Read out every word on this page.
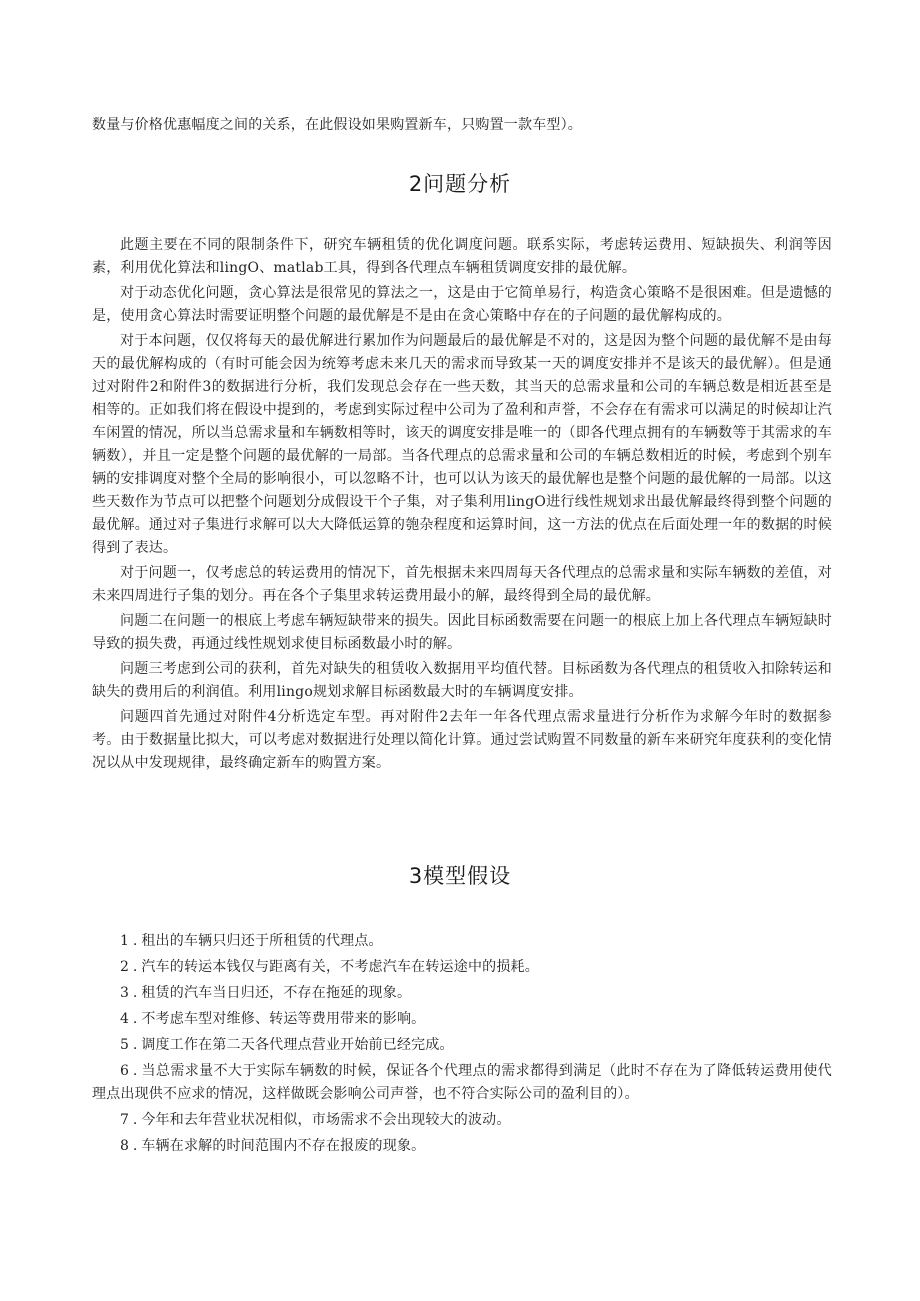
数量与价格优惠幅度之间的关系，在此假设如果购置新车，只购置一款车型）。
2问题分析

此题主要在不同的限制条件下，研究车辆租赁的优化调度问题。联系实际，考虑转运费用、短缺损失、利润等因素，利用优化算法和lingO、matlab工具，得到各代理点车辆租赁调度安排的最优解。

对于动态优化问题，贪心算法是很常见的算法之一，这是由于它简单易行，构造贪心策略不是很困难。但是遗憾的是，使用贪心算法时需要证明整个问题的最优解是不是由在贪心策略中存在的子问题的最优解构成的。

对于本问题，仅仅将每天的最优解进行累加作为问题最后的最优解是不对的，这是因为整个问题的最优解不是由每天的最优解构成的（有时可能会因为统筹考虑未来几天的需求而导致某一天的调度安排并不是该天的最优解）。但是通过对附件2和附件3的数据进行分析，我们发现总会存在一些天数，其当天的总需求量和公司的车辆总数是相近甚至是相等的。正如我们将在假设中提到的，考虑到实际过程中公司为了盈利和声誉，不会存在有需求可以满足的时候却让汽车闲置的情况，所以当总需求量和车辆数相等时，该天的调度安排是唯一的（即各代理点拥有的车辆数等于其需求的车辆数），并且一定是整个问题的最优解的一局部。当各代理点的总需求量和公司的车辆总数相近的时候，考虑到个别车辆的安排调度对整个全局的影响很小，可以忽略不计，也可以认为该天的最优解也是整个问题的最优解的一局部。以这些天数作为节点可以把整个问题划分成假设干个子集，对子集利用lingO进行线性规划求出最优解最终得到整个问题的最优解。通过对子集进行求解可以大大降低运算的匏杂程度和运算时间，这一方法的优点在后面处理一年的数据的时候得到了表达。

对于问题一，仅考虑总的转运费用的情况下，首先根据未来四周每天各代理点的总需求量和实际车辆数的差值，对未来四周进行子集的划分。再在各个子集里求转运费用最小的解，最终得到全局的最优解。

问题二在问题一的根底上考虑车辆短缺带来的损失。因此目标函数需要在问题一的根底上加上各代理点车辆短缺时导致的损失费，再通过线性规划求使目标函数最小时的解。

问题三考虑到公司的获利，首先对缺失的租赁收入数据用平均值代替。目标函数为各代理点的租赁收入扣除转运和缺失的费用后的利润值。利用lingo规划求解目标函数最大时的车辆调度安排。

问题四首先通过对附件4分析选定车型。再对附件2去年一年各代理点需求量进行分析作为求解今年时的数据参考。由于数据量比拟大，可以考虑对数据进行处理以简化计算。通过尝试购置不同数量的新车来研究年度获利的变化情况以从中发现规律，最终确定新车的购置方案。

3模型假设
1.租出的车辆只归还于所租赁的代理点。
2.汽车的转运本钱仅与距离有关，不考虑汽车在转运途中的损耗。
3.租赁的汽车当日归还，不存在拖延的现象。
4.不考虑车型对维修、转运等费用带来的影响。
5.调度工作在第二天各代理点营业开始前已经完成。
6.当总需求量不大于实际车辆数的时候，保证各个代理点的需求都得到满足（此时不存在为了降低转运费用使代理点出现供不应求的情况，这样做既会影响公司声誉，也不符合实际公司的盈利目的）。
7.今年和去年营业状况相似，市场需求不会出现较大的波动。
8.车辆在求解的时间范围内不存在报废的现象。
